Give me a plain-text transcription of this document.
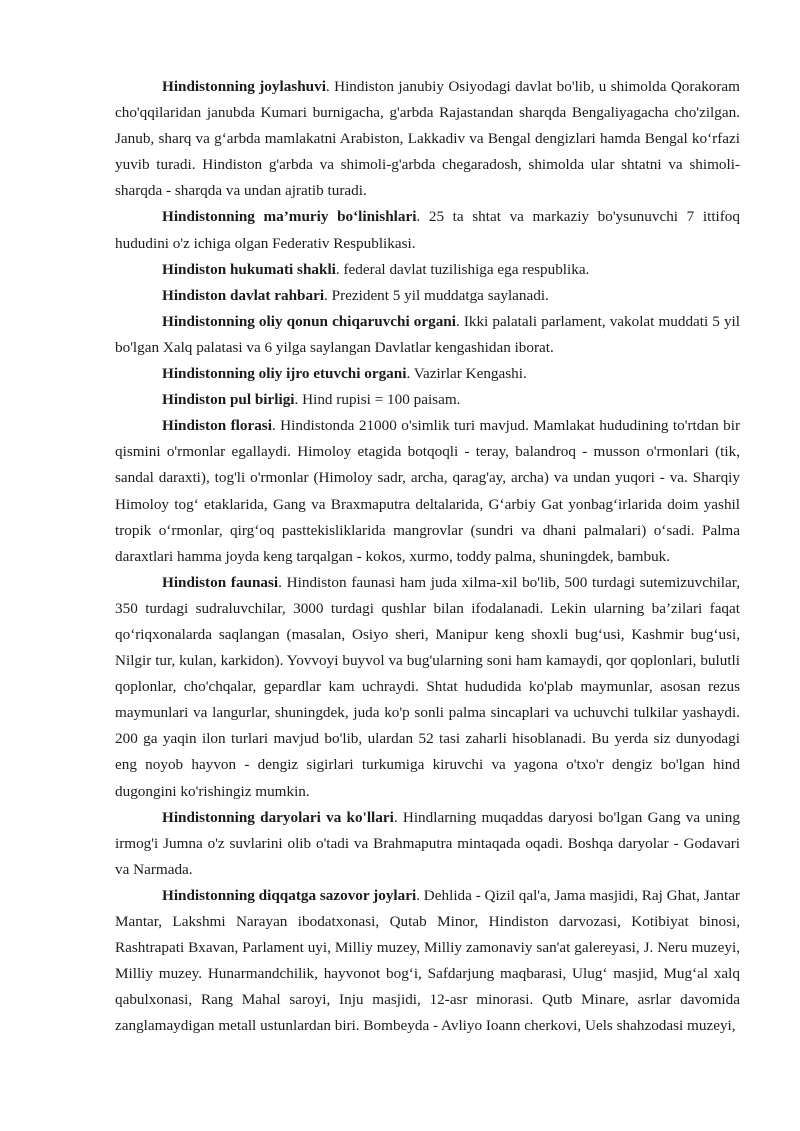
Hindistonning joylashuvi. Hindiston janubiy Osiyodagi davlat bo'lib, u shimolda Qorakoram cho'qqilaridan janubda Kumari burnigacha, g'arbda Rajastandan sharqda Bengaliyagacha cho'zilgan. Janub, sharq va g‘arbda mamlakatni Arabiston, Lakkadiv va Bengal dengizlari hamda Bengal ko‘rfazi yuvib turadi. Hindiston g'arbda va shimoli-g'arbda chegaradosh, shimolda ular shtatni va shimoli-sharqda - sharqda va undan ajratib turadi.

Hindistonning ma’muriy bo‘linishlari. 25 ta shtat va markaziy bo'ysunuvchi 7 ittifoq hududini o'z ichiga olgan Federativ Respublikasi.

Hindiston hukumati shakli. federal davlat tuzilishiga ega respublika.

Hindiston davlat rahbari. Prezident 5 yil muddatga saylanadi.

Hindistonning oliy qonun chiqaruvchi organi. Ikki palatali parlament, vakolat muddati 5 yil bo'lgan Xalq palatasi va 6 yilga saylangan Davlatlar kengashidan iborat.

Hindistonning oliy ijro etuvchi organi. Vazirlar Kengashi.

Hindiston pul birligi. Hind rupisi = 100 paisam.

Hindiston florasi. Hindistonda 21000 o'simlik turi mavjud. Mamlakat hududining to'rtdan bir qismini o'rmonlar egallaydi. Himoloy etagida botqoqli - teray, balandroq - musson o'rmonlari (tik, sandal daraxti), tog'li o'rmonlar (Himoloy sadr, archa, qarag'ay, archa) va undan yuqori - va. Sharqiy Himoloy tog‘ etaklarida, Gang va Braxmaputra deltalarida, G‘arbiy Gat yonbag‘irlarida doim yashil tropik o‘rmonlar, qirg‘oq pasttekisliklarida mangrovlar (sundri va dhani palmalari) o‘sadi. Palma daraxtlari hamma joyda keng tarqalgan - kokos, xurmo, toddy palma, shuningdek, bambuk.

Hindiston faunasi. Hindiston faunasi ham juda xilma-xil bo'lib, 500 turdagi sutemizuvchilar, 350 turdagi sudraluvchilar, 3000 turdagi qushlar bilan ifodalanadi. Lekin ularning ba’zilari faqat qo‘riqxonalarda saqlangan (masalan, Osiyo sheri, Manipur keng shoxli bug‘usi, Kashmir bug‘usi, Nilgir tur, kulan, karkidon). Yovvoyi buyvol va bug'ularning soni ham kamaydi, qor qoplonlari, bulutli qoplonlar, cho'chqalar, gepardlar kam uchraydi. Shtat hududida ko'plab maymunlar, asosan rezus maymunlari va langurlar, shuningdek, juda ko'p sonli palma sincaplari va uchuvchi tulkilar yashaydi. 200 ga yaqin ilon turlari mavjud bo'lib, ulardan 52 tasi zaharli hisoblanadi. Bu yerda siz dunyodagi eng noyob hayvon - dengiz sigirlari turkumiga kiruvchi va yagona o'txo'r dengiz bo'lgan hind dugongini ko'rishingiz mumkin.

Hindistonning daryolari va ko'llari. Hindlarning muqaddas daryosi bo'lgan Gang va uning irmog'i Jumna o'z suvlarini olib o'tadi va Brahmaputra mintaqada oqadi. Boshqa daryolar - Godavari va Narmada.

Hindistonning diqqatga sazovor joylari. Dehlida - Qizil qal'a, Jama masjidi, Raj Ghat, Jantar Mantar, Lakshmi Narayan ibodatxonasi, Qutab Minor, Hindiston darvozasi, Kotibiyat binosi, Rashtrapati Bxavan, Parlament uyi, Milliy muzey, Milliy zamonaviy san'at galereyasi, J. Neru muzeyi, Milliy muzey. Hunarmandchilik, hayvonot bog‘i, Safdarjung maqbarasi, Ulug‘ masjid, Mug‘al xalq qabulxonasi, Rang Mahal saroyi, Inju masjidi, 12-asr minorasi. Qutb Minare, asrlar davomida zanglamaydigan metall ustunlardan biri. Bombeyda - Avliyo Ioann cherkovi, Uels shahzodasi muzeyi,
